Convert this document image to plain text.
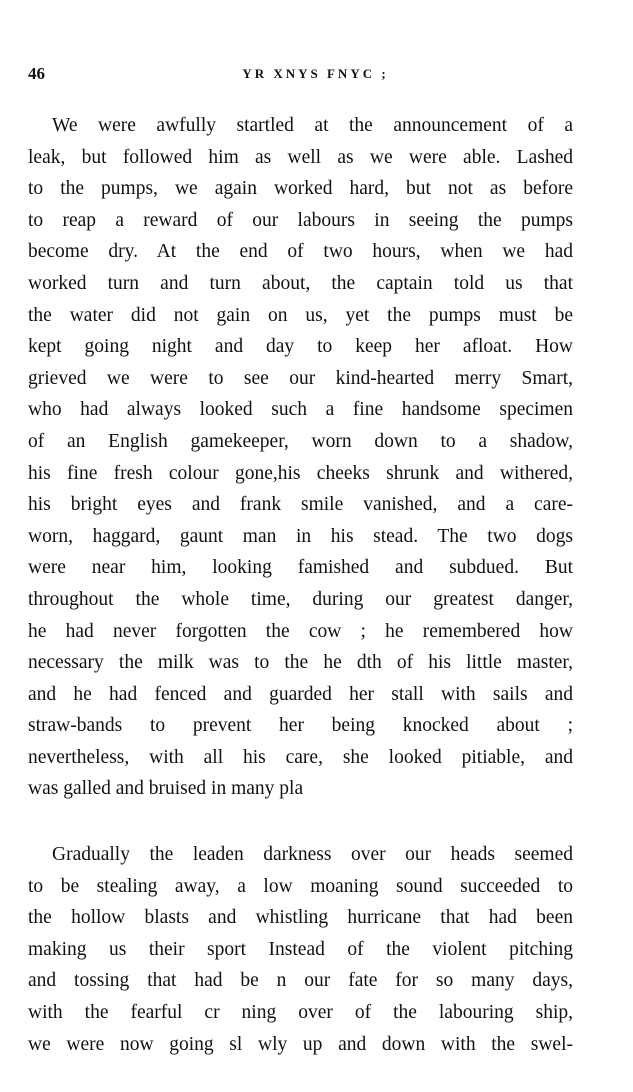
46	YR XNYS FNYC ;
We were awfully startled at the announcement of a
leak, but followed him as well as we were able. Lashed
to the pumps, we again worked hard, but not as before
to reap a reward of our labours in seeing the pumps
become dry. At the end of two hours, when we had
worked turn and turn about, the captain told us that
the water did not gain on us, yet the pumps must be
kept going night and day to keep her afloat. How
grieved we were to see our kind-hearted merry Smart,
who had always looked such a fine handsome specimen
of an English gamekeeper, worn down to a shadow,
his fine fresh colour gone,his cheeks shrunk and withered,
his bright eyes and frank smile vanished, and a care-
worn, haggard, gaunt man in his stead. The two dogs
were near him, looking famished and subdued. But
throughout the whole time, during our greatest danger,
he had never forgotten the cow ; he remembered how
necessary the milk was to the he dth of his little master,
and he had fenced and guarded her stall with sails and
straw-bands to prevent her being knocked about ;
nevertheless, with all his care, she looked pitiable, and
was galled and bruised in many pla
Gradually the leaden darkness over our heads seemed
to be stealing away, a low moaning sound succeeded to
the hollow blasts and whistling hurricane that had been
making us their sport Instead of the violent pitching
and tossing that had be n our fate for so many days,
with the fearful cr ning over of the labouring ship,
we were now going sl wly up and down with the swel-
